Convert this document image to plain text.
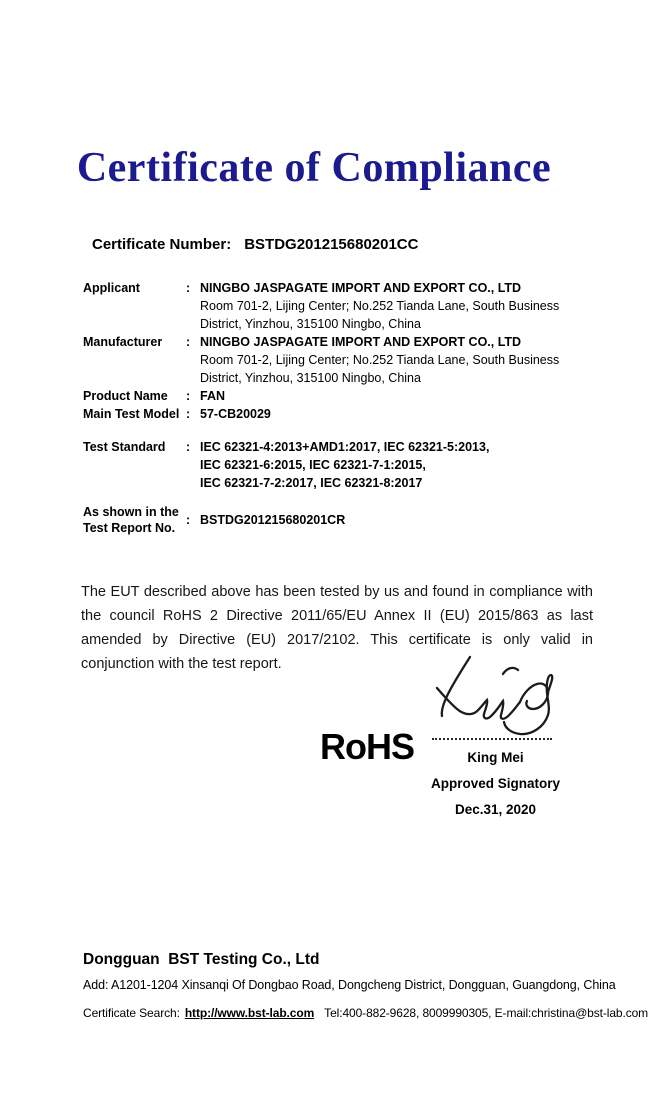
Certificate of Compliance
Certificate Number: BSTDG201215680201CC
Applicant	: NINGBO JASPAGATE IMPORT AND EXPORT CO., LTD
Room 701-2, Lijing Center; No.252 Tianda Lane, South Business
District, Yinzhou, 315100 Ningbo, China
Manufacturer	: NINGBO JASPAGATE IMPORT AND EXPORT CO., LTD
Room 701-2, Lijing Center; No.252 Tianda Lane, South Business
District, Yinzhou, 315100 Ningbo, China
Product Name	: FAN
Main Test Model : 57-CB20029
Test Standard	: IEC 62321-4:2013+AMD1:2017, IEC 62321-5:2013,
IEC 62321-6:2015, IEC 62321-7-1:2015,
IEC 62321-7-2:2017, IEC 62321-8:2017
As shown in the
Test Report No.
: BSTDG201215680201CR

The EUT described above has been tested by us and found in compliance with the council RoHS 2 Directive 2011/65/EU Annex II (EU) 2015/863 as last amended by Directive (EU) 2017/2102. This certificate is only valid in conjunction with the test report.

RoHS	King Mei
Approved Signatory
Dec.31, 2020
Dongguan  BST Testing Co., Ltd
Add: A1201-1204 Xinsanqi Of Dongbao Road, Dongcheng District, Dongguan, Guangdong, China
Certificate Search: http://www.bst-lab.com Tel:400-882-9628, 8009990305, E-mail:christina@bst-lab.com
